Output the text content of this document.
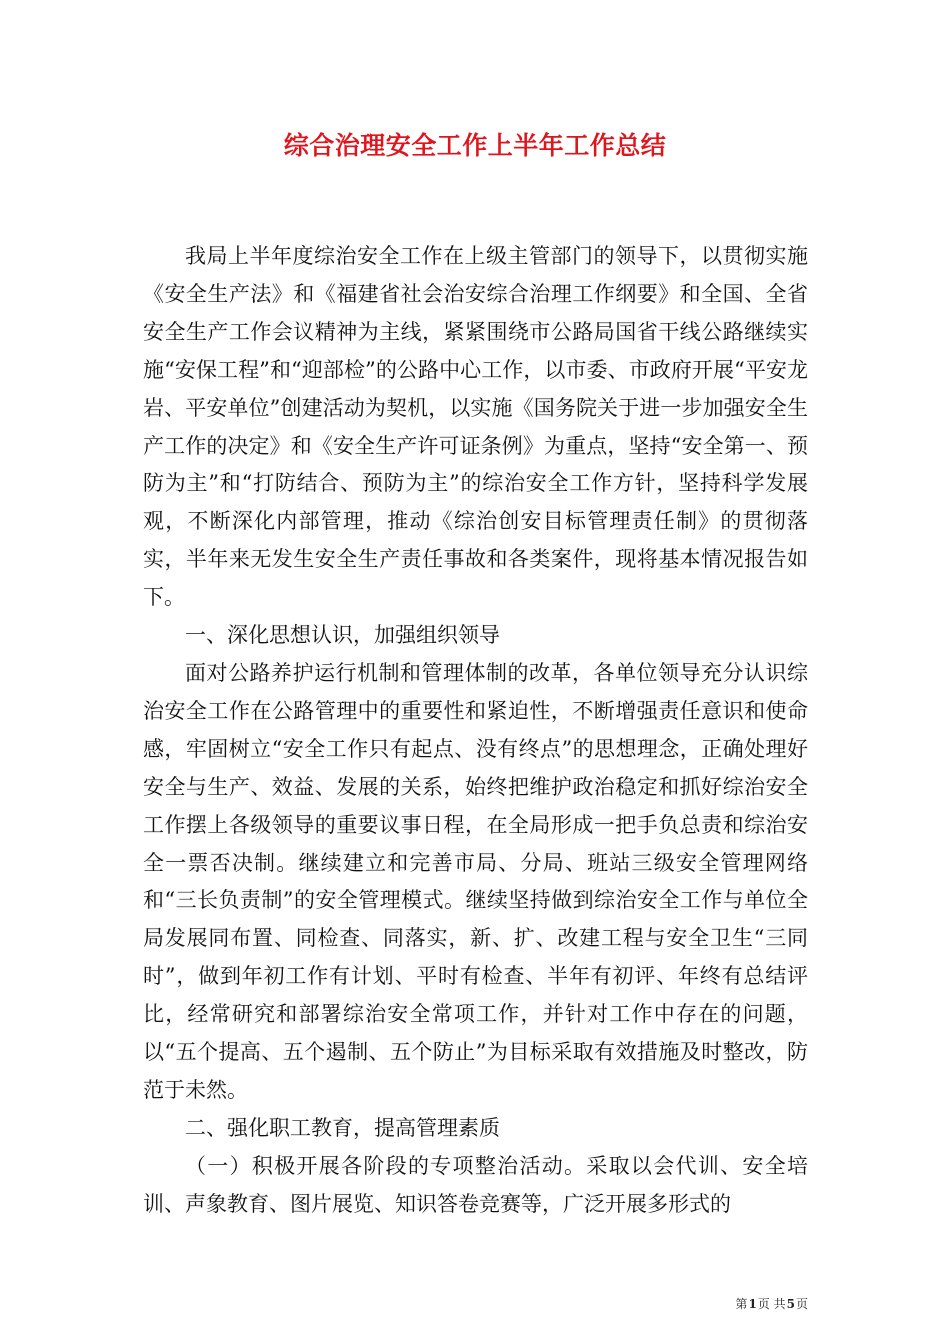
综合治理安全工作上半年工作总结

我局上半年度综治安全工作在上级主管部门的领导下，以贯彻实施《安全生产法》和《福建省社会治安综合治理工作纲要》和全国、全省安全生产工作会议精神为主线，紧紧围绕市公路局国省干线公路继续实施“安保工程”和“迎部检”的公路中心工作，以市委、市政府开展“平安龙岩、平安单位”创建活动为契机，以实施《国务院关于进一步加强安全生产工作的决定》和《安全生产许可证条例》为重点，坚持“安全第一、预防为主”和“打防结合、预防为主”的综治安全工作方针，坚持科学发展观，不断深化内部管理，推动《综治创安目标管理责任制》的贯彻落实，半年来无发生安全生产责任事故和各类案件，现将基本情况报告如下。

一、深化思想认识，加强组织领导

面对公路养护运行机制和管理体制的改革，各单位领导充分认识综治安全工作在公路管理中的重要性和紧迫性，不断增强责任意识和使命感，牢固树立“安全工作只有起点、没有终点”的思想理念，正确处理好安全与生产、效益、发展的关系，始终把维护政治稳定和抓好综治安全工作摆上各级领导的重要议事日程，在全局形成一把手负总责和综治安全一票否决制。继续建立和完善市局、分局、班站三级安全管理网络和“三长负责制”的安全管理模式。继续坚持做到综治安全工作与单位全局发展同布置、同检查、同落实，新、扩、改建工程与安全卫生“三同时”，做到年初工作有计划、平时有检查、半年有初评、年终有总结评比，经常研究和部署综治安全常项工作，并针对工作中存在的问题，以“五个提高、五个遏制、五个防止”为目标采取有效措施及时整改，防范于未然。

二、强化职工教育，提高管理素质

（一）积极开展各阶段的专项整治活动。采取以会代训、安全培训、声象教育、图片展览、知识答卷竞赛等，广泛开展多形式的

第1页 共5页
